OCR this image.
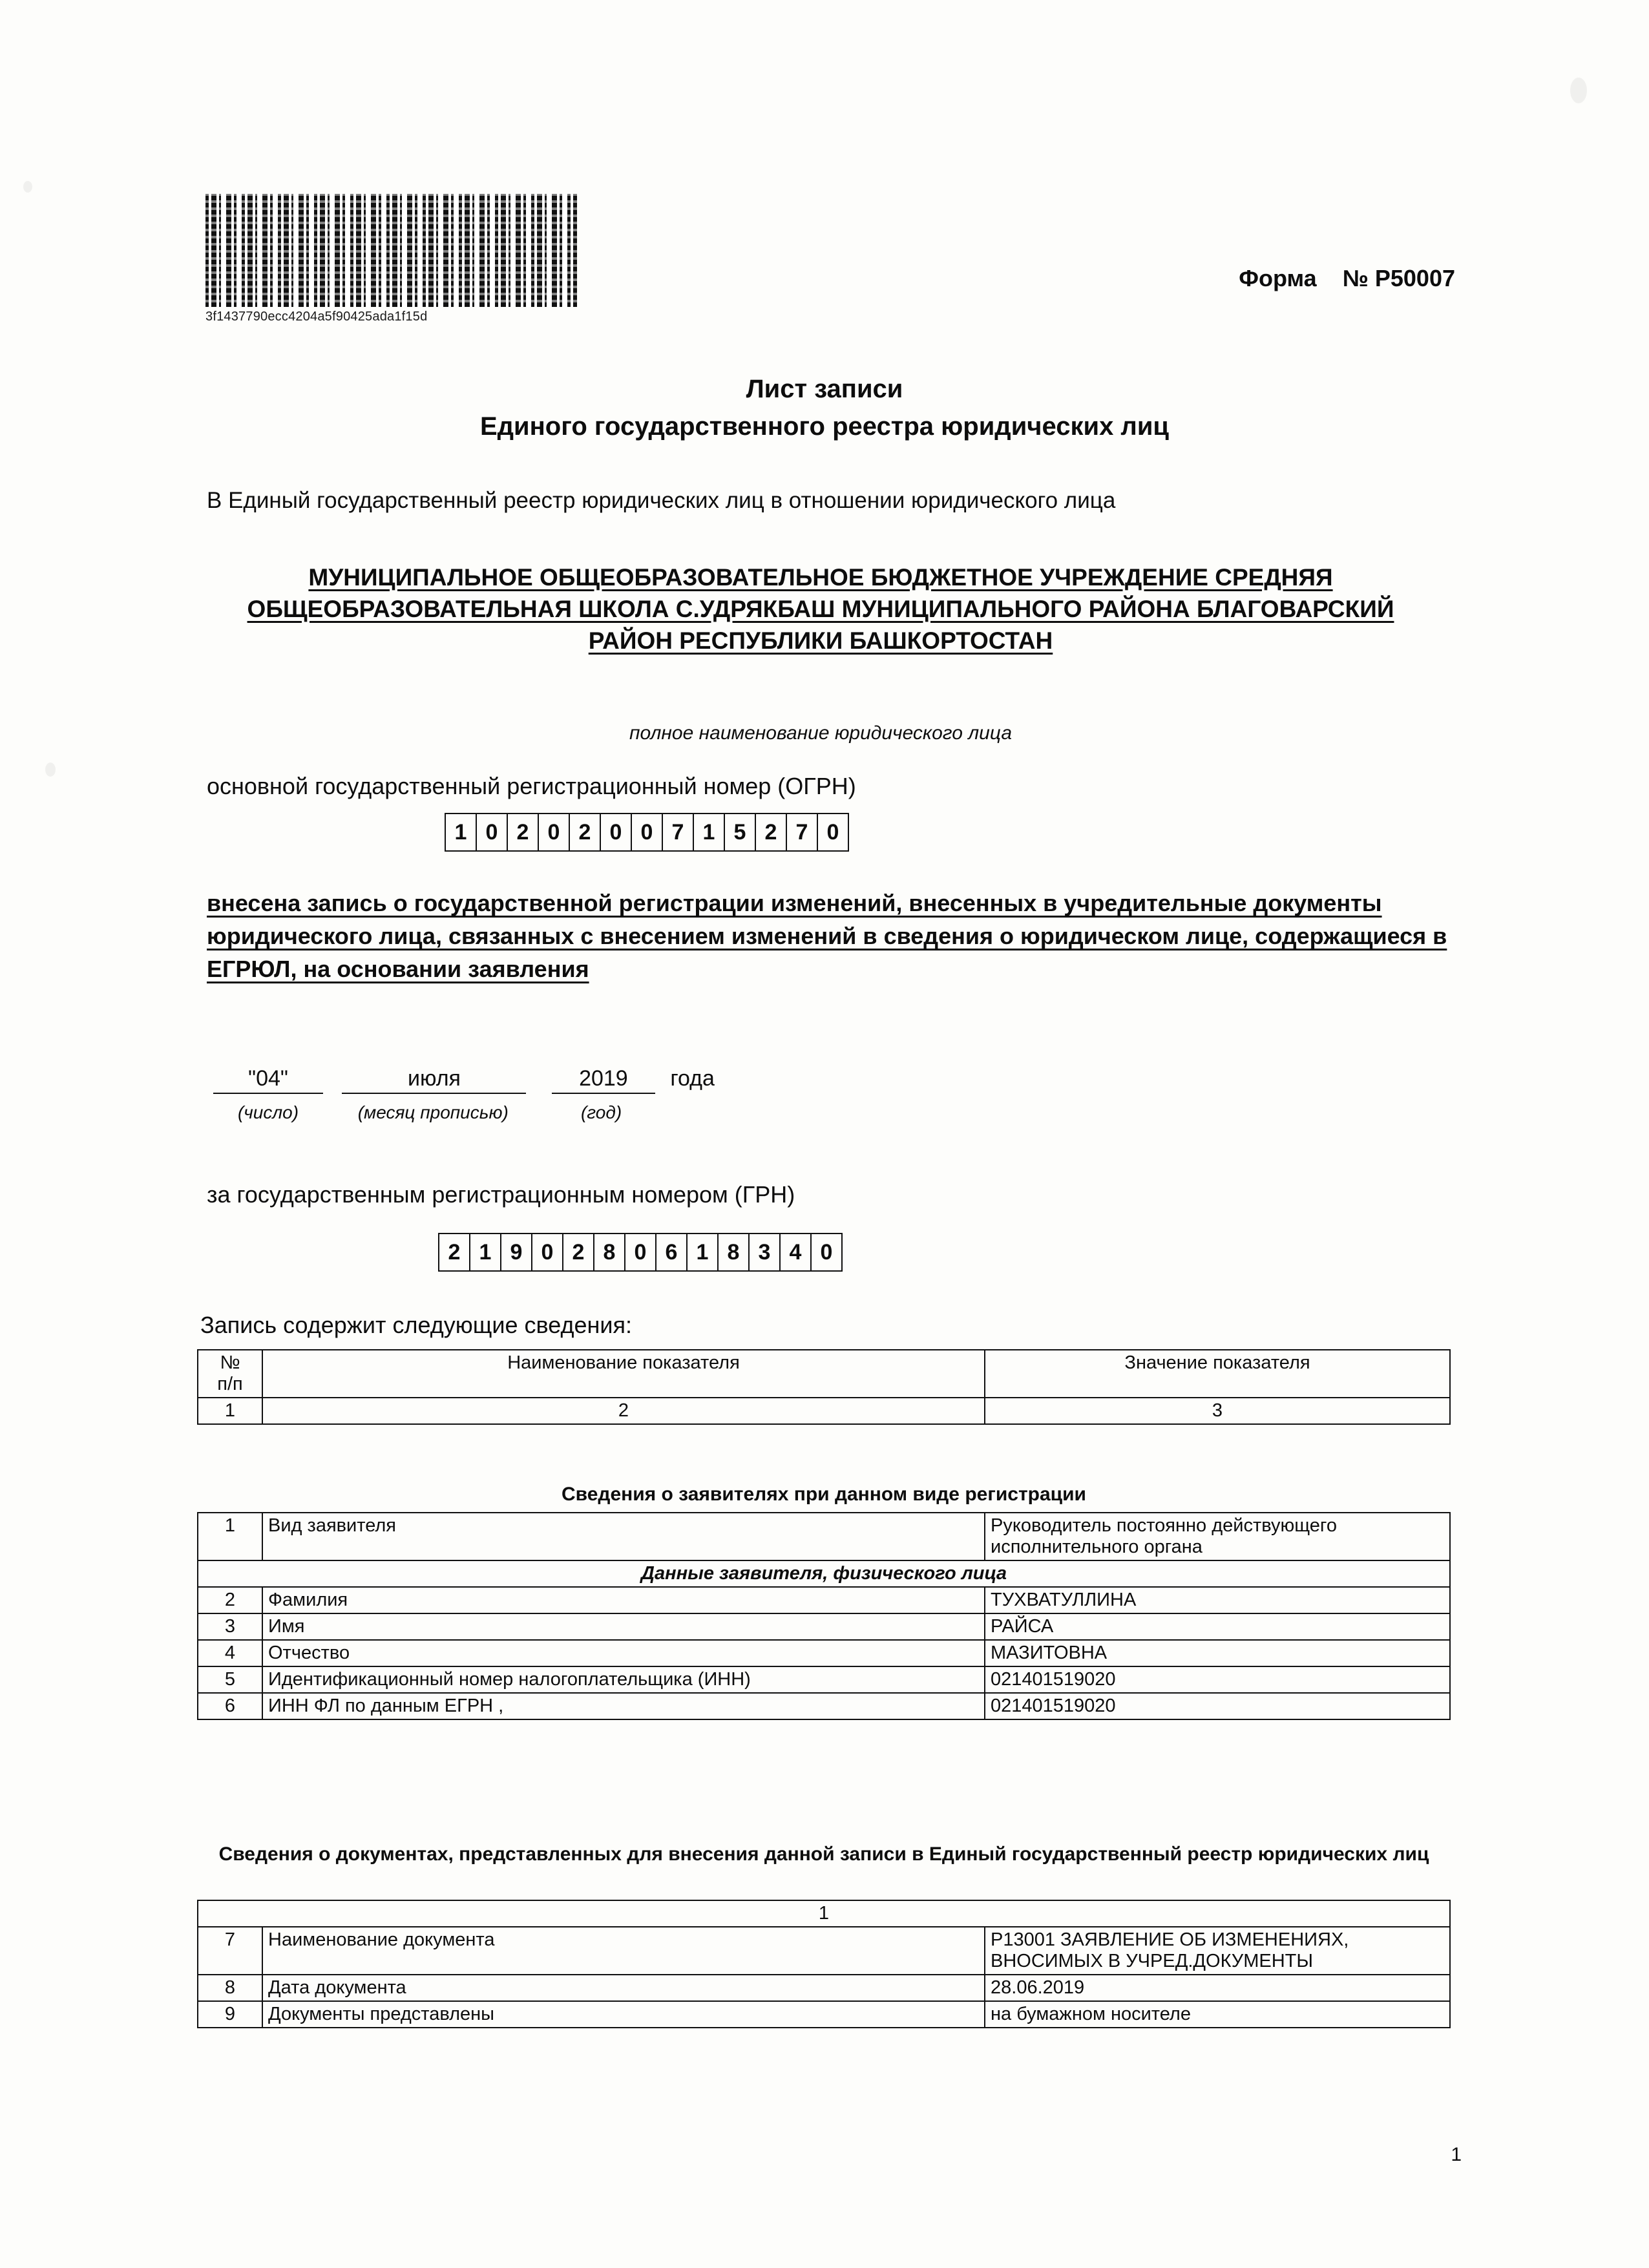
3f1437790ecc4204a5f90425ada1f15d
Форма № Р50007
Лист записи
Единого государственного реестра юридических лиц
В Единый государственный реестр юридических лиц в отношении юридического лица
МУНИЦИПАЛЬНОЕ ОБЩЕОБРАЗОВАТЕЛЬНОЕ БЮДЖЕТНОЕ УЧРЕЖДЕНИЕ СРЕДНЯЯ ОБЩЕОБРАЗОВАТЕЛЬНАЯ ШКОЛА С.УДРЯКБАШ МУНИЦИПАЛЬНОГО РАЙОНА БЛАГОВАРСКИЙ РАЙОН РЕСПУБЛИКИ БАШКОРТОСТАН
полное наименование юридического лица
основной государственный регистрационный номер (ОГРН)
1 0 2 0 2 0 0 7 1 5 2 7 0
внесена запись о государственной регистрации изменений, внесенных в учредительные документы юридического лица, связанных с внесением изменений в сведения о юридическом лице, содержащиеся в ЕГРЮЛ, на основании заявления
"04"	июля	2019 года
(число)	(месяц прописью)	(год)
за государственным регистрационным номером (ГРН)
2 1 9 0 2 8 0 6 1 8 3 4 0
Запись содержит следующие сведения:
№
п/п	Наименование показателя	Значение показателя
1	2	3
Сведения о заявителях при данном виде регистрации
1	Вид заявителя	Руководитель постоянно действующего исполнительного органа
Данные заявителя, физического лица		
2	Фамилия	ТУХВАТУЛЛИНА
3	Имя	РАЙСА
4	Отчество	МАЗИТОВНА
5	Идентификационный номер налогоплательщика (ИНН)	021401519020
6	ИНН ФЛ по данным ЕГРН ,	021401519020
Сведения о документах, представленных для внесения данной записи в Единый государственный реестр юридических лиц
1		
7	Наименование документа	Р13001 ЗАЯВЛЕНИЕ ОБ ИЗМЕНЕНИЯХ, ВНОСИМЫХ В УЧРЕД.ДОКУМЕНТЫ
8	Дата документа	28.06.2019
9	Документы представлены	на бумажном носителе
1
